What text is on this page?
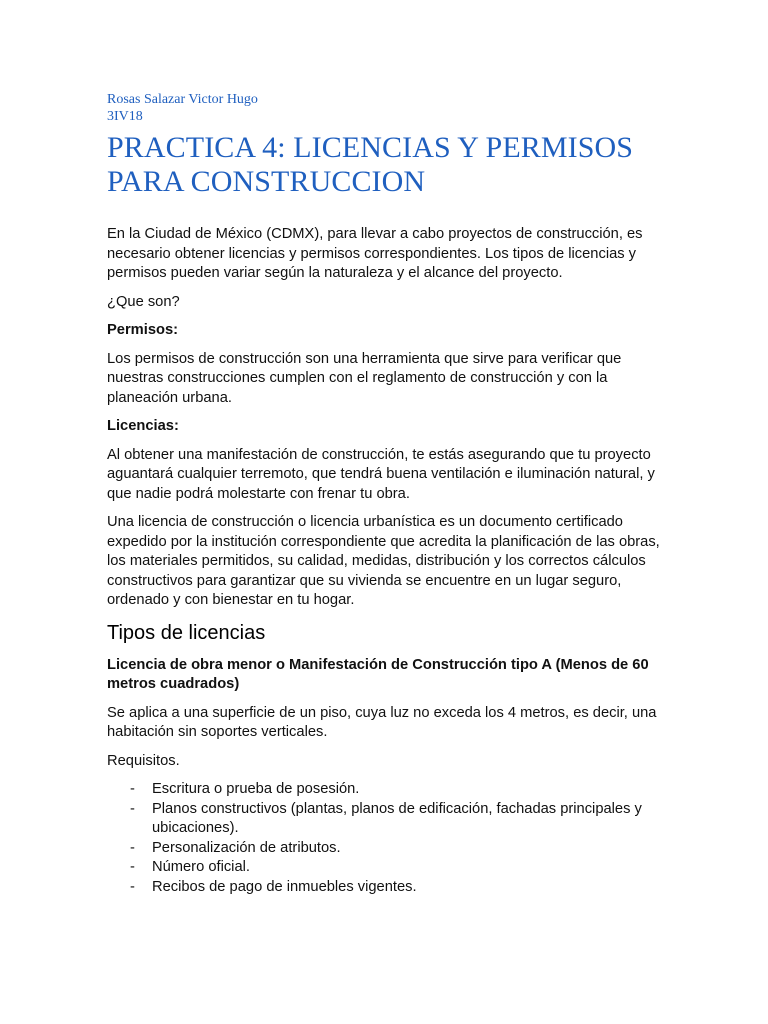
Rosas Salazar Victor Hugo
3IV18
PRACTICA 4: LICENCIAS Y PERMISOS
PARA CONSTRUCCION

En la Ciudad de México (CDMX), para llevar a cabo proyectos de construcción, es necesario obtener licencias y permisos correspondientes. Los tipos de licencias y permisos pueden variar según la naturaleza y el alcance del proyecto.

¿Que son?

Permisos:

Los permisos de construcción son una herramienta que sirve para verificar que nuestras construcciones cumplen con el reglamento de construcción y con la planeación urbana.

Licencias:

Al obtener una manifestación de construcción, te estás asegurando que tu proyecto aguantará cualquier terremoto, que tendrá buena ventilación e iluminación natural, y que nadie podrá molestarte con frenar tu obra.

Una licencia de construcción o licencia urbanística es un documento certificado expedido por la institución correspondiente que acredita la planificación de las obras, los materiales permitidos, su calidad, medidas, distribución y los correctos cálculos constructivos para garantizar que su vivienda se encuentre en un lugar seguro, ordenado y con bienestar en tu hogar.

Tipos de licencias

Licencia de obra menor o Manifestación de Construcción tipo A (Menos de 60 metros cuadrados)

Se aplica a una superficie de un piso, cuya luz no exceda los 4 metros, es decir, una habitación sin soportes verticales.

Requisitos.

- Escritura o prueba de posesión.
- Planos constructivos (plantas, planos de edificación, fachadas principales y ubicaciones).
- Personalización de atributos.
- Número oficial.
- Recibos de pago de inmuebles vigentes.
